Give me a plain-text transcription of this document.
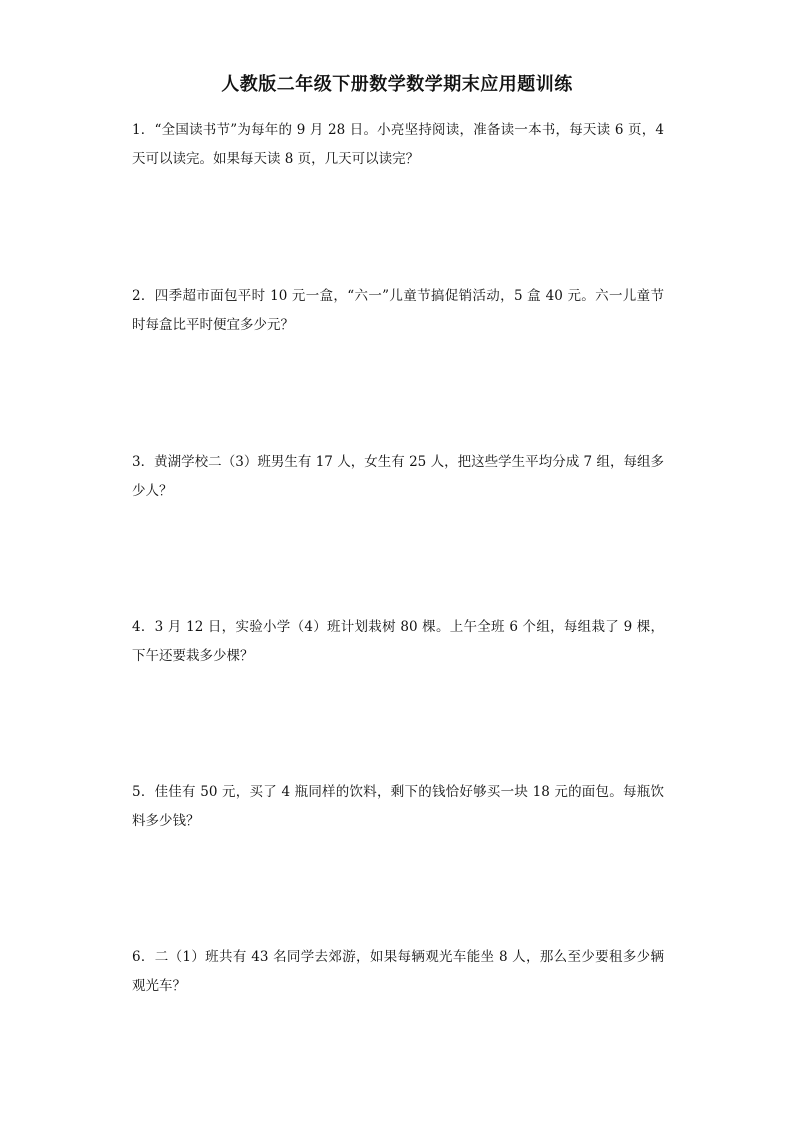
人教版二年级下册数学数学期末应用题训练
1．“全国读书节”为每年的 9 月 28 日。小亮坚持阅读，准备读一本书，每天读 6 页，4 天可以读完。如果每天读 8 页，几天可以读完？
2．四季超市面包平时 10 元一盒，“六一”儿童节搞促销活动，5 盒 40 元。六一儿童节时每盒比平时便宜多少元？
3．黄湖学校二（3）班男生有 17 人，女生有 25 人，把这些学生平均分成 7 组，每组多少人？
4．3 月 12 日，实验小学（4）班计划栽树 80 棵。上午全班 6 个组，每组栽了 9 棵，下午还要栽多少棵？
5．佳佳有 50 元，买了 4 瓶同样的饮料，剩下的钱恰好够买一块 18 元的面包。每瓶饮料多少钱？
6．二（1）班共有 43 名同学去郊游，如果每辆观光车能坐 8 人，那么至少要租多少辆观光车？
